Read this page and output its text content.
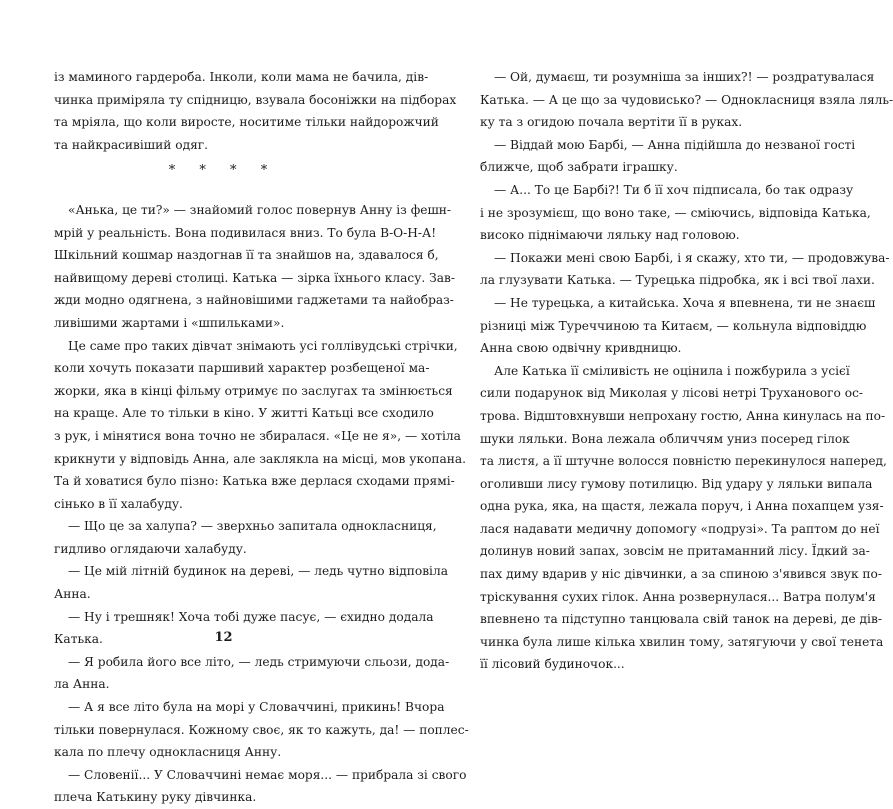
із маминого гардероба. Інколи, коли мама не бачила, дів-
чинка приміряла ту спідницю, взувала босоніжки на підборах
та мріяла, що коли виросте, носитиме тільки найдорожчий
та найкрасивіший одяг.
* * * *
«Анька, це ти?» — знайомий голос повернув Анну із фешн-
мрій у реальність. Вона подивилася вниз. То була В-О-Н-А!
Шкільний кошмар наздогнав її та знайшов на, здавалося б,
найвищому дереві столиці. Катька — зірка їхнього класу. Зав-
жди модно одягнена, з найновішими гаджетами та найобраз-
ливішими жартами і «шпильками».
Це саме про таких дівчат знімають усі голлівудські стрічки,
коли хочуть показати паршивий характер розбещеної ма-
жорки, яка в кінці фільму отримує по заслугах та змінюється
на краще. Але то тільки в кіно. У житті Катьці все сходило
з рук, і мінятися вона точно не збиралася. «Це не я», — хотіла
крикнути у відповідь Анна, але заклякла на місці, мов укопана.
Та й ховатися було пізно: Катька вже дерлася сходами прямі-
сінько в її халабуду.
— Що це за халупа? — зверхньо запитала однокласниця,
гидливо оглядаючи халабуду.
— Це мій літній будинок на дереві, — ледь чутно відповіла
Анна.
— Ну і трешняк! Хоча тобі дуже пасує, — єхидно додала
Катька.
— Я робила його все літо, — ледь стримуючи сльози, дода-
ла Анна.
— А я все літо була на морі у Словаччині, прикинь! Вчора
тільки повернулася. Кожному своє, як то кажуть, да! — поплес-
кала по плечу однокласниця Анну.
— Словенії... У Словаччині немає моря... — прибрала зі свого
плеча Катькину руку дівчинка.
— Ой, думаєш, ти розумніша за інших?! — роздратувалася
Катька. — А це що за чудовисько? — Однокласниця взяла ляль-
ку та з огидою почала вертіти її в руках.
— Віддай мою Барбі, — Анна підійшла до незваної гості
ближче, щоб забрати іграшку.
— А... То це Барбі?! Ти б її хоч підписала, бо так одразу
і не зрозумієш, що воно таке, — сміючись, відповіда Катька,
високо піднімаючи ляльку над головою.
— Покажи мені свою Барбі, і я скажу, хто ти, — продовжува-
ла глузувати Катька. — Турецька підробка, як і всі твої лахи.
— Не турецька, а китайська. Хоча я впевнена, ти не знаєш
різниці між Туреччиною та Китаєм, — кольнула відповіддю
Анна свою одвічну кривдницю.
Але Катька її сміливість не оцінила і пожбурила з усієї
сили подарунок від Миколая у лісові нетрі Труханового ос-
трова. Відштовхнувши непрохану гостю, Анна кинулась на по-
шуки ляльки. Вона лежала обличчям униз посеред гілок
та листя, а її штучне волосся повністю перекинулося наперед,
оголивши лису гумову потилицю. Від удару у ляльки випала
одна рука, яка, на щастя, лежала поруч, і Анна похапцем узя-
лася надавати медичну допомогу «подрузі». Та раптом до неї
долинув новий запах, зовсім не притаманний лісу. Їдкий за-
пах диму вдарив у ніс дівчинки, а за спиною з'явився звук по-
тріскування сухих гілок. Анна розвернулася... Ватра полум'я
впевнено та підступно танцювала свій танок на дереві, де дів-
чинка була лише кілька хвилин тому, затягуючи у свої тенета
її лісовий будиночок...
12
